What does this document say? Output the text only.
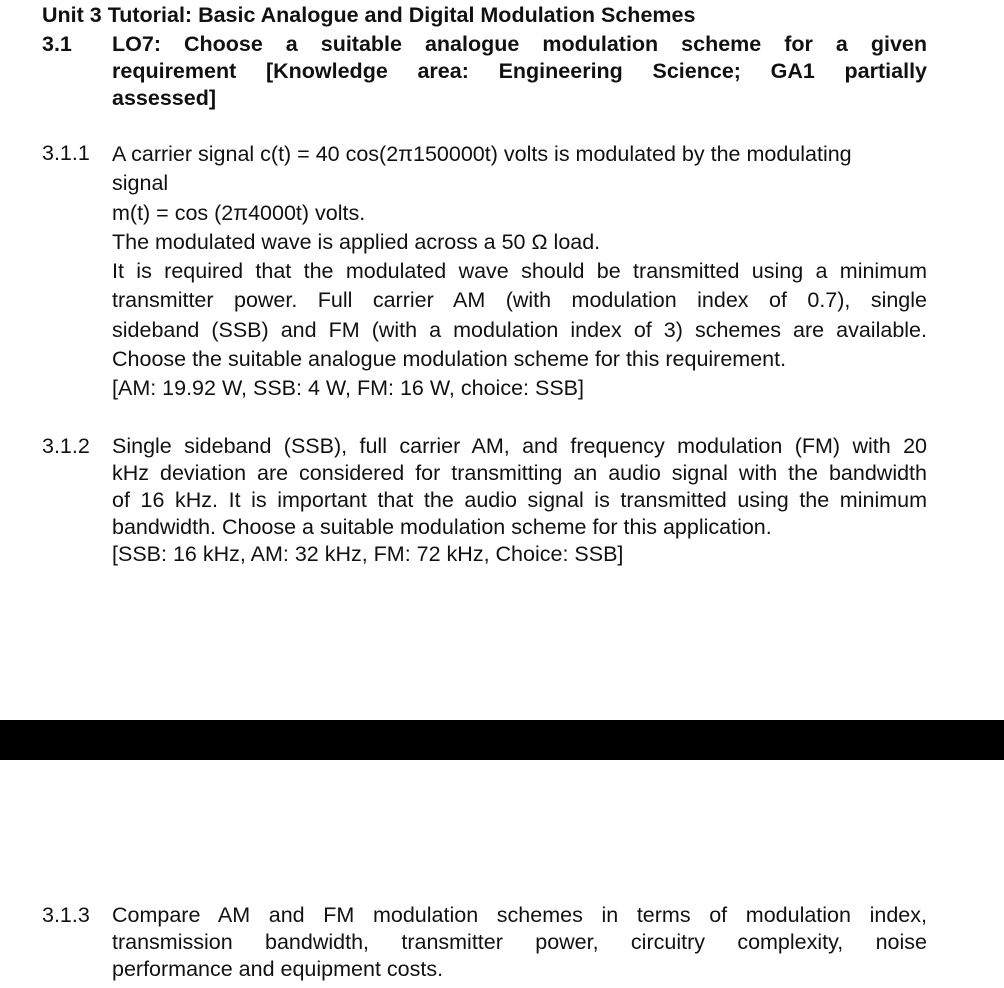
Unit 3 Tutorial: Basic Analogue and Digital Modulation Schemes
3.1 LO7: Choose a suitable analogue modulation scheme for a given
requirement [Knowledge area: Engineering Science; GA1 partially
assessed]
3.1.1 A carrier signal c(t) = 40 cos(2π150000t) volts is modulated by the modulating
signal
m(t) = cos (2π4000t) volts.
The modulated wave is applied across a 50 Ω load.
It is required that the modulated wave should be transmitted using a minimum
transmitter power. Full carrier AM (with modulation index of 0.7), single
sideband (SSB) and FM (with a modulation index of 3) schemes are available.
Choose the suitable analogue modulation scheme for this requirement.
[AM: 19.92 W, SSB: 4 W, FM: 16 W, choice: SSB]
3.1.2 Single sideband (SSB), full carrier AM, and frequency modulation (FM) with 20
kHz deviation are considered for transmitting an audio signal with the bandwidth
of 16 kHz. It is important that the audio signal is transmitted using the minimum
bandwidth. Choose a suitable modulation scheme for this application.
[SSB: 16 kHz, AM: 32 kHz, FM: 72 kHz, Choice: SSB]
3.1.3 Compare AM and FM modulation schemes in terms of modulation index,
transmission bandwidth, transmitter power, circuitry complexity, noise
performance and equipment costs.
